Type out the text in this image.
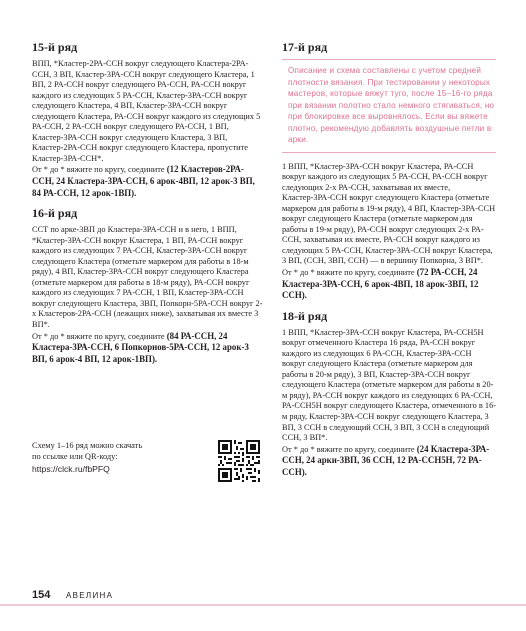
15-й ряд

ВПП, *Кластер-2РА-ССН вокруг следующего Кластера-2РА-ССН, 3 ВП, Кластер-3РА-ССН вокруг следующего Кластера, 1 ВП, 2 РА-ССН вокруг следующего РА-ССН, РА-ССН вокруг каждого из следующих 5 РА-ССН, Кластер-3РА-ССН вокруг следующего Кластера, 4 ВП, Кластер-3РА-ССН вокруг следующего Кластера, РА-ССН вокруг каждого из следующих 5 РА-ССН, 2 РА-ССН вокруг следующего РА-ССН, 1 ВП, Кластер-3РА-ССН вокруг следующего Кластера, 3 ВП, Кластер-2РА-ССН вокруг следующего Кластера, пропустите Кластер-3РА-ССН*.
От * до * вяжите по кругу, соедините (12 Кластеров-2РА-ССН, 24 Кластера-3РА-ССН, 6 арок-4ВП, 12 арок-3 ВП, 84 РА-ССН, 12 арок-1ВП).

16-й ряд

ССТ по арке-3ВП до Кластера-3РА-ССН и в него, 1 ВПП, *Кластер-3РА-ССН вокруг Кластера, 1 ВП, РА-ССН вокруг каждого из следующих 7 РА-ССН, Кластер-3РА-ССН вокруг следующего Кластера (отметьте маркером для работы в 18-м ряду), 4 ВП, Кластер-3РА-ССН вокруг следующего Кластера (отметьте маркером для работы в 18-м ряду), РА-ССН вокруг каждого из следующих 7 РА-ССН, 1 ВП, Кластер-3РА-ССН вокруг следующего Кластера, 3ВП, Попкорн-5РА-ССН вокруг 2-х Кластеров-2РА-ССН (лежащих ниже), захватывая их вместе 3 ВП*.
От * до * вяжите по кругу, соедините (84 РА-ССН, 24 Кластера-3РА-ССН, 6 Попкорнов-5РА-ССН, 12 арок-3 ВП, 6 арок-4 ВП, 12 арок-1ВП).

Схему 1–16 ряд можно скачать
по ссылке или QR-коду:
https://clck.ru/fbPFQ
17-й ряд

Описание и схема составлены с учетом средней плотности вязания. При тестировании у некоторых мастеров, которые вяжут туго, после 15–16-го ряда при вязании полотно стало немного стягиваться, но при блокировке все выровнялось. Если вы вяжете плотно, рекомендую добавлять воздушные петли в арки.

1 ВПП, *Кластер-3РА-ССН вокруг Кластера, РА-ССН вокруг каждого из следующих 5 РА-ССН, РА-ССН вокруг следующих 2-х РА-ССН, захватывая их вместе, Кластер-3РА-ССН вокруг следующего Кластера (отметьте маркером для работы в 19-м ряду), 4 ВП, Кластер-3РА-ССН вокруг следующего Кластера (отметьте маркером для работы в 19-м ряду), РА-ССН вокруг следующих 2-х РА-ССН, захватывая их вместе, РА-ССН вокруг каждого из следующих 5 РА-ССН, Кластер-3РА-ССН вокруг Кластера, 3 ВП, (ССН, 3ВП, ССН) — в вершину Попкорна, 3 ВП*.
От * до * вяжите по кругу, соедините (72 РА-ССН, 24 Кластера-3РА-ССН, 6 арок-4ВП, 18 арок-3ВП, 12 ССН).

18-й ряд

1 ВПП, *Кластер-3РА-ССН вокруг Кластера, РА-ССН5Н вокруг отмеченного Кластера 16 ряда, РА-ССН вокруг каждого из следующих 6 РА-ССН, Кластер-3РА-ССН вокруг следующего Кластера (отметьте маркером для работы в 20-м ряду), 3 ВП, Кластер-3РА-ССН вокруг следующего Кластера (отметьте маркером для работы в 20-м ряду), РА-ССН вокруг каждого из следующих 6 РА-ССН, РА-ССН5Н вокруг следующего Кластера, отмеченного в 16-м ряду, Кластер-3РА-ССН вокруг следующего Кластера, 3 ВП, 3 ССН в следующий ССН, 3 ВП, 3 ССН в следующий ССН, 3 ВП*.
От * до * вяжите по кругу, соедините (24 Кластера-3РА-ССН, 24 арки-3ВП, 36 ССН, 12 РА-ССН5Н, 72 РА-ССН).

154 АВЕЛИНА
